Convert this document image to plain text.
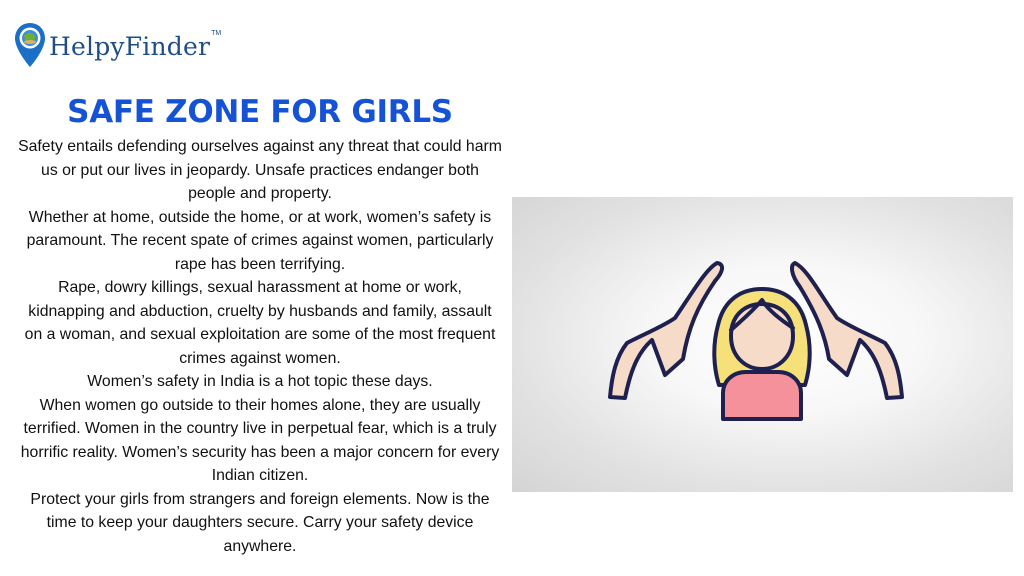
HelpyFinder TM
SAFE ZONE FOR GIRLS

Safety entails defending ourselves against any threat that could harm us or put our lives in jeopardy. Unsafe practices endanger both people and property.

Whether at home, outside the home, or at work, women’s safety is paramount. The recent spate of crimes against women, particularly rape has been terrifying.

Rape, dowry killings, sexual harassment at home or work, kidnapping and abduction, cruelty by husbands and family, assault on a woman, and sexual exploitation are some of the most frequent crimes against women.

Women’s safety in India is a hot topic these days.

When women go outside to their homes alone, they are usually terrified. Women in the country live in perpetual fear, which is a truly horrific reality. Women’s security has been a major concern for every Indian citizen.

Protect your girls from strangers and foreign elements. Now is the time to keep your daughters secure. Carry your safety device anywhere.
